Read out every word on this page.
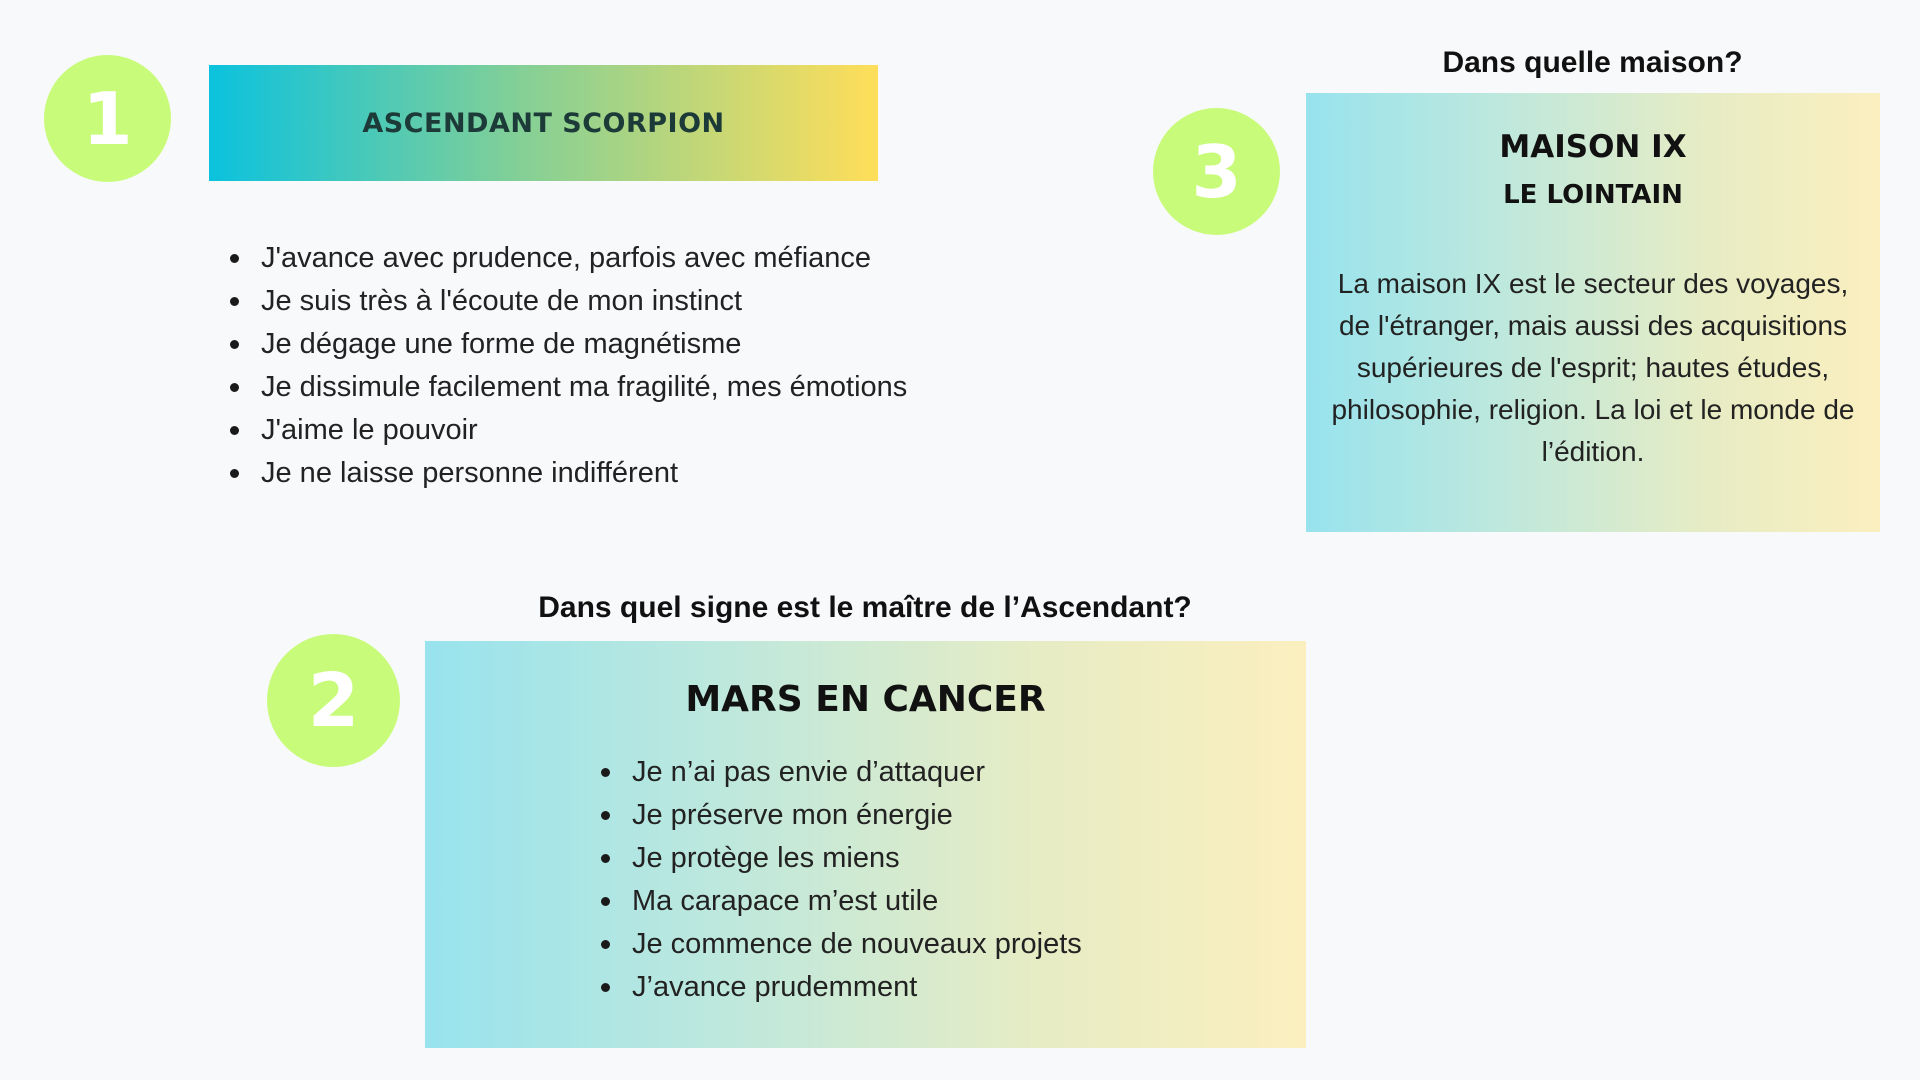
1	ASCENDANT SCORPION
J'avance avec prudence, parfois avec méfiance
Je suis très à l'écoute de mon instinct
Je dégage une forme de magnétisme
Je dissimule facilement ma fragilité, mes émotions
J'aime le pouvoir
Je ne laisse personne indifférent
Dans quelle maison?
3	MAISON IX
LE LOINTAIN
La maison IX est le secteur des voyages, de l'étranger, mais aussi des acquisitions supérieures de l'esprit; hautes études, philosophie, religion. La loi et le monde de l’édition.
Dans quel signe est le maître de l’Ascendant?
2	MARS EN CANCER
Je n’ai pas envie d’attaquer
Je préserve mon énergie
Je protège les miens
Ma carapace m’est utile
Je commence de nouveaux projets
J’avance prudemment
